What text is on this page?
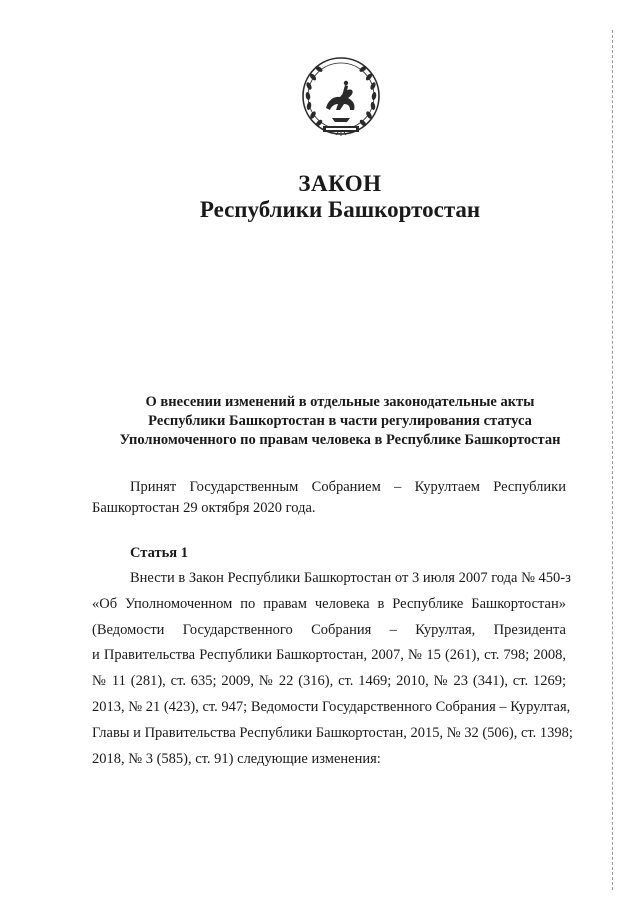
ЗАКОН
Республики Башкортостан
О внесении изменений в отдельные законодательные акты
Республики Башкортостан в части регулирования статуса
Уполномоченного по правам человека в Республике Башкортостан
Принят Государственным Собранием – Курултаем Республики
Башкортостан 29 октября 2020 года.
Статья 1
Внести в Закон Республики Башкортостан от 3 июля 2007 года № 450-з
«Об Уполномоченном по правам человека в Республике Башкортостан»
(Ведомости Государственного Собрания – Курултая, Президента
и Правительства Республики Башкортостан, 2007, № 15 (261), ст. 798; 2008,
№ 11 (281), ст. 635; 2009, № 22 (316), ст. 1469; 2010, № 23 (341), ст. 1269;
2013, № 21 (423), ст. 947; Ведомости Государственного Собрания – Курултая,
Главы и Правительства Республики Башкортостан, 2015, № 32 (506), ст. 1398;
2018, № 3 (585), ст. 91) следующие изменения:
